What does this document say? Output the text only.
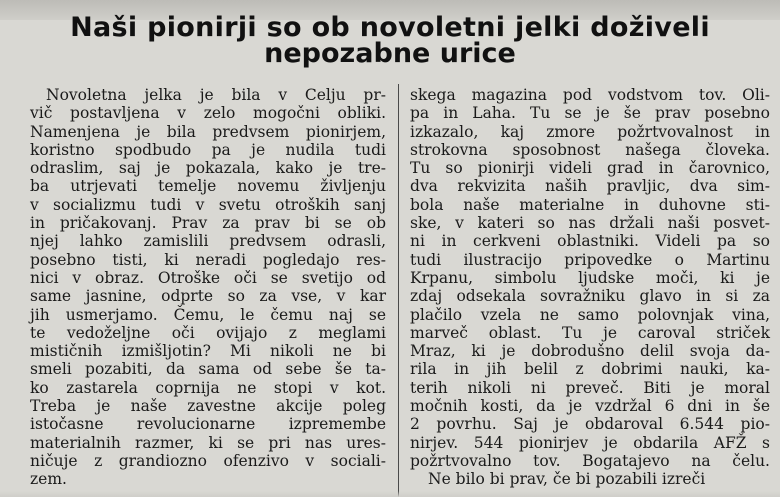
Naši pionirji so ob novoletni jelki doživeli
nepozabne urice
Novoletna jelka je bila v Celju pr-
vič postavljena v zelo mogočni obliki.
Namenjena je bila predvsem pionirjem,
koristno spodbudo pa je nudila tudi
odraslim, saj je pokazala, kako je tre-
ba utrjevati temelje novemu življenju
v socializmu tudi v svetu otroških sanj
in pričakovanj. Prav za prav bi se ob
njej lahko zamislili predvsem odrasli,
posebno tisti, ki neradi pogledajo res-
nici v obraz. Otroške oči se svetijo od
same jasnine, odprte so za vse, v kar
jih usmerjamo. Čemu, le čemu naj se
te vedoželjne oči ovijajo z meglami
mističnih izmišljotin? Mi nikoli ne bi
smeli pozabiti, da sama od sebe še ta-
ko zastarela coprnija ne stopi v kot.
Treba je naše zavestne akcije poleg
istočasne revolucionarne izpremembe
materialnih razmer, ki se pri nas ures-
ničuje z grandiozno ofenzivo v sociali-
zem.
skega magazina pod vodstvom tov. Oli-
pa in Laha. Tu se je še prav posebno
izkazalo, kaj zmore požrtvovalnost in
strokovna sposobnost našega človeka.
Tu so pionirji videli grad in čarovnico,
dva rekvizita naših pravljic, dva sim-
bola naše materialne in duhovne sti-
ske, v kateri so nas držali naši posvet-
ni in cerkveni oblastniki. Videli pa so
tudi ilustracijo pripovedke o Martinu
Krpanu, simbolu ljudske moči, ki je
zdaj odsekala sovražniku glavo in si za
plačilo vzela ne samo polovnjak vina,
marveč oblast. Tu je caroval striček
Mraz, ki je dobrodušno delil svoja da-
rila in jih belil z dobrimi nauki, ka-
terih nikoli ni preveč. Biti je moral
močnih kosti, da je vzdržal 6 dni in še
2 povrhu. Saj je obdaroval 6.544 pio-
nirjev. 544 pionirjev je obdarila AFŽ s
požrtvovalno tov. Bogatajevo na čelu.
Ne bilo bi prav, če bi pozabili izreči
